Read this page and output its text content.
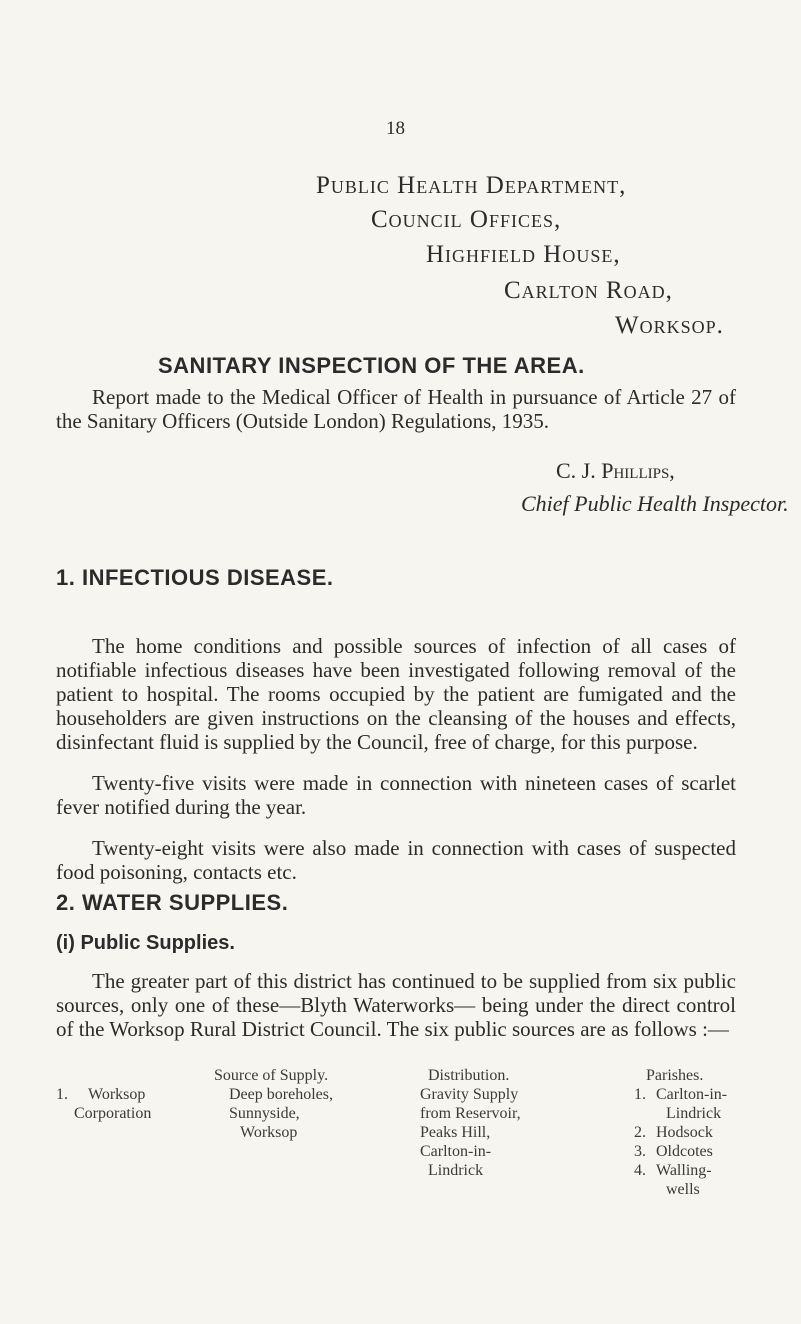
18
Public Health Department,
Council Offices,
Highfield House,
Carlton Road,
Worksop.
SANITARY INSPECTION OF THE AREA.

Report made to the Medical Officer of Health in pursuance of Article 27 of the Sanitary Officers (Outside London) Regulations, 1935.

C. J. Phillips,
Chief Public Health Inspector.
1. INFECTIOUS DISEASE.

The home conditions and possible sources of infection of all cases of notifiable infectious diseases have been investigated following removal of the patient to hospital. The rooms occupied by the patient are fumigated and the householders are given instructions on the cleansing of the houses and effects, disinfectant fluid is supplied by the Council, free of charge, for this purpose.

Twenty-five visits were made in connection with nineteen cases of scarlet fever notified during the year.

Twenty-eight visits were also made in connection with cases of suspected food poisoning, contacts etc.

2. WATER SUPPLIES.
(i) Public Supplies.

The greater part of this district has continued to be supplied from six public sources, only one of these—Blyth Waterworks— being under the direct control of the Worksop Rural District Council. The six public sources are as follows :—

Source of Supply.	Distribution.	Parishes.
1. Worksop
Corporation
Deep boreholes,
Sunnyside,
Worksop
Gravity Supply
from Reservoir,
Peaks Hill,
Carlton-in-
Lindrick
1. Carlton-in-
Lindrick
2. Hodsock
3. Oldcotes
4. Walling-
wells
